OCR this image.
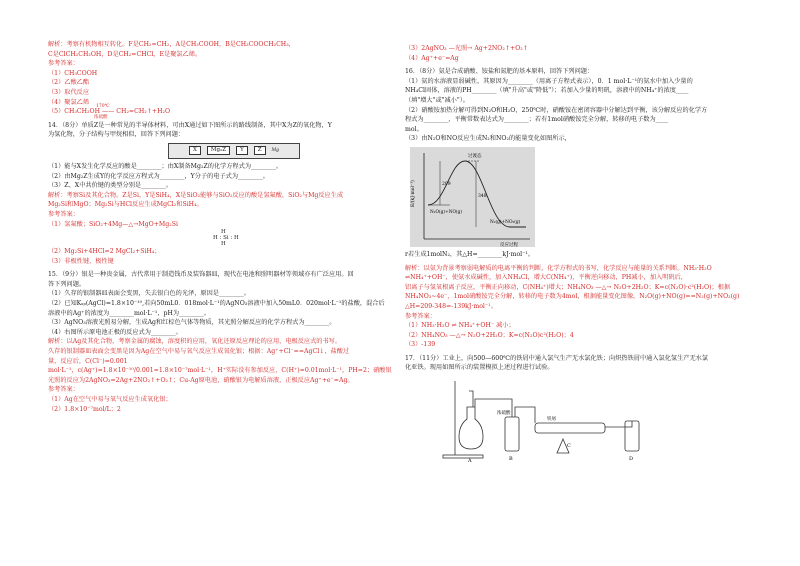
解析：考察有机物相互转化。F是CH₂=CH₂，A是CH₃COOH，B是CH₃COOCH₂CH₃，

C是ClCH₂CH₂OH，D是CH₂=CHCl，E是聚氯乙烯。

参考答案：

（1）CH₃COOH

（2）乙酸乙酯

（3）取代反应

（4）聚氯乙烯

170℃
（5）CH₃CH₂OH —— CH₂=CH₂↑+H₂O
浓硫酸

14．（8分）单质Z是一种常见的半导体材料，可由X通过如下图所示的路线制备，其中X为Z的氧化物，Y

为氢化物，分子结构与甲烷相似，回答下列问题：

X	Mg₂Z	Y	Z	Mg

（1）能与X发生化学反应的酸是________；由X制备Mg₂Z的化学方程式为________。

（2）由Mg₂Z生成Y的化学反应方程式为________，Y分子的电子式为________。

（3）Z、X中共价键的类型分别是________。

解析：考察Si及其化合物。Z是Si，Y是SiH₄，X是SiO₂能够与SiO₂反应的酸是氢氟酸，SiO₂与Mg反应生成

Mg₂Si和MgO；Mg₂Si与HCl反应生成MgCl₂和SiH₄。

参考答案：

（1）氢氟酸；SiO₂+4Mg—△→MgO+Mg₂Si

H
H : Si : H
H

（2）Mg₂Si+4HCl=2 MgCl₂+SiH₄；

（3）非极性键、极性键

15．（9分）银是一种贵金属，古代常用于制造钱币及装饰器皿，现代在电池和照明器材等领域亦有广泛应用。回

答下列问题。

（1）久存的银制器皿表面会变黑，失去银白色的光泽，原因是________。

（2）已知Kₛₚ(AgCl)=1.8×10⁻¹⁰,若向50mL0．018mol·L⁻¹的AgNO₃溶液中加入50mL0．020mol·L⁻¹的盐酸，混合后

溶液中的Ag⁺的浓度为________mol·L⁻¹，pH为________。

（3）AgNO₃溶液光照易分解，生成Ag和红棕色气体等物质，其光照分解反应的化学方程式为________。

（4）右图所示原电池正极的反应式为________。

解析：以Ag及其化合物，考察金属的腐蚀，溶度积的应用，氧化还原反应理论的应用，电极反应式的书写。

久存的银制器皿表面会变黑是因为Ag在空气中易与氧气反应生成氧化银；根据：Ag⁺+Cl⁻==AgCl↓，盐酸过

量，反应后，C(Cl⁻)=0.001

mol·L⁻¹，c(Ag⁺)=1.8×10⁻¹⁰/0.001=1.8×10⁻⁷mol·L⁻¹，H⁺实际没有参加反应，C(H⁺)=0.01mol·L⁻¹，PH=2；硝酸银

光照的反应为2AgNO₃=2Ag+2NO₂↑+O₂↑；Cu-Ag原电池，硝酸银为电解质溶液，正极反应Ag⁺+e⁻=Ag。

参考答案：

（1）Ag在空气中易与氧气反应生成氧化银；

（2）1.8×10⁻⁷mol/L；2

（3）2AgNO₃ —光照→ Ag+2NO₂↑+O₂↑

（4）Ag⁺+e⁻=Ag

16．（8分）氨是合成硝酸、铵盐和氮肥的基本原料，回答下列问题：

（1）氨的水溶液显弱碱性，其原因为________（用离子方程式表示），0．1 mol·L⁻¹的氨水中加入少量的

NH₄Cl固体，溶液的PH________（填"升高"或"降低"）；若加入少量的明矾，溶液中的NH₄⁺的浓度____

（填"增大"或"减小"）。

（2）硝酸铵加热分解可得到N₂O和H₂O，250℃时，硝酸铵在密闭容器中分解达到平衡，该分解反应的化学方

程式为________，平衡常数表达式为________；若有1mol硝酸铵完全分解，转移的电子数为____

mol。

（3）由N₂O和NO反应生成N₂和NO₂的能量变化如图所示，

E/(kJ·mol⁻¹)
反应过程
N₂O(g)+NO(g)
N₂(g)+NO₂(g)
过渡态
209
348

r若生成1molN₂，其△H=________kJ·mol⁻¹。

解析：以氨为背景考察弱电解质的电离平衡的判断，化学方程式的书写，化学反应与能量的关系判断。NH₃·H₂O

⇌NH₄⁺+OH⁻，使氨水成碱性，加入NH₄Cl，增大C(NH₄⁺)，平衡逆向移动，PH减小，加入明矾后，

铝离子与氢氧根离子反应，平衡正向移动，C(NH₄⁺)增大；NH₄NO₃ —△→ N₂O+2H₂O；K=c(N₂O)·c²(H₂O)；根据

NH₄NO₃~4e⁻，1mol硝酸铵完全分解，转移的电子数为4mol，根据能量变化图像，N₂O(g)+NO(g)==N₂(g)+NO₂(g)

△H=209-348=-139kJ·mol⁻¹。

参考答案：

（1）NH₃·H₂O ⇌ NH₄⁺+OH⁻ 减小；

（2）NH₄NO₃ —△→ N₂O+2H₂O；K=c(N₂O)c²(H₂O)；4

（3）-139

17．（11分）工业上，向500—600℃的铁屑中通入氯气生产无水氯化铁；向炽热铁屑中通入氯化氢生产无水氯

化亚铁。现用如图所示的装置模拟上述过程进行试验。

A	B
C
D
铁屑
浓硫酸
